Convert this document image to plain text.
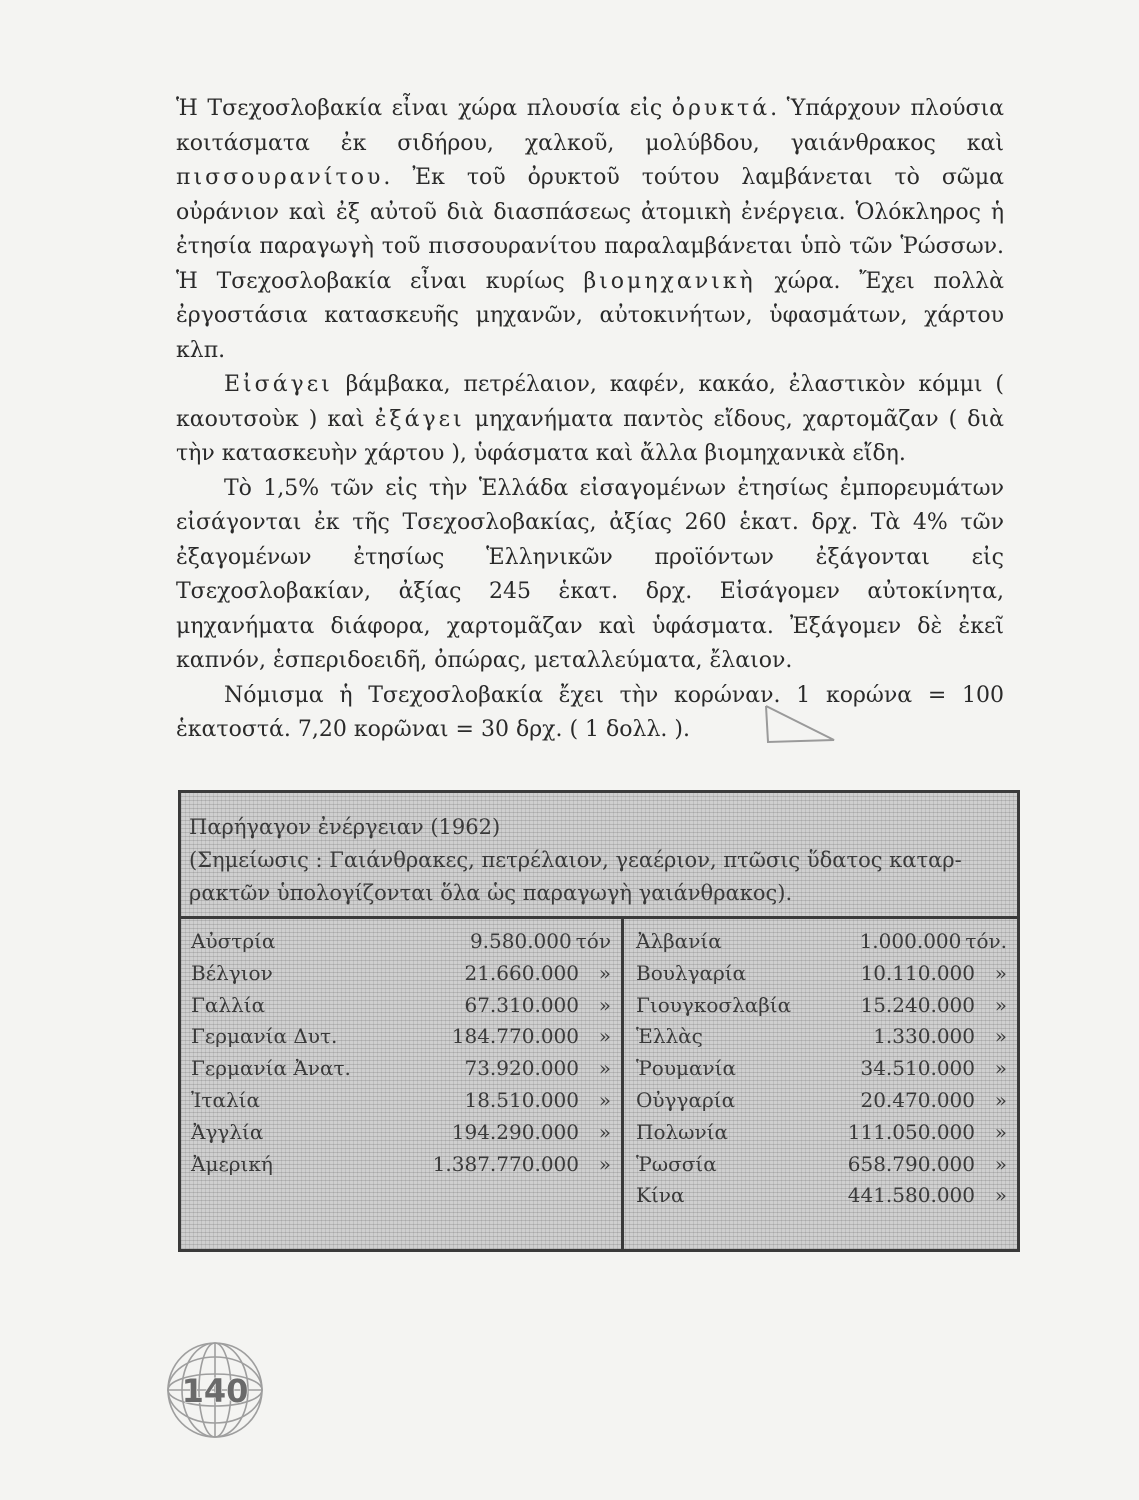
Ἡ Τσεχοσλοβακία εἶναι χώρα πλουσία εἰς ὀρυκτά. Ὑπάρχουν πλούσια κοιτάσματα ἐκ σιδήρου, χαλκοῦ, μολύβδου, γαιάνθρακος καὶ πισσουρανίτου. Ἐκ τοῦ ὀρυκτοῦ τούτου λαμβάνεται τὸ σῶμα οὐράνιον καὶ ἐξ αὐτοῦ διὰ διασπάσεως ἀτομικὴ ἐνέργεια. Ὁλόκληρος ἡ ἐτησία παραγωγὴ τοῦ πισσουρανίτου παραλαμβάνεται ὑπὸ τῶν Ῥώσσων. Ἡ Τσεχοσλοβακία εἶναι κυρίως βιομηχανικὴ χώρα. Ἔχει πολλὰ ἐργοστάσια κατασκευῆς μηχανῶν, αὐτοκινήτων, ὑφασμάτων, χάρτου κλπ.

Εἰσάγει βάμβακα, πετρέλαιον, καφέν, κακάο, ἐλαστικὸν κόμμι ( καουτσοὺκ ) καὶ ἐξάγει μηχανήματα παντὸς εἴδους, χαρτομᾶζαν ( διὰ τὴν κατασκευὴν χάρτου ), ὑφάσματα καὶ ἄλλα βιομηχανικὰ εἴδη.

Τὸ 1,5% τῶν εἰς τὴν Ἑλλάδα εἰσαγομένων ἐτησίως ἐμπορευμάτων εἰσάγονται ἐκ τῆς Τσεχοσλοβακίας, ἀξίας 260 ἑκατ. δρχ. Τὰ 4% τῶν ἐξαγομένων ἐτησίως Ἑλληνικῶν προϊόντων ἐξάγονται εἰς Τσεχοσλοβακίαν, ἀξίας 245 ἑκατ. δρχ. Εἰσάγομεν αὐτοκίνητα, μηχανήματα διάφορα, χαρτομᾶζαν καὶ ὑφάσματα. Ἐξάγομεν δὲ ἐκεῖ καπνόν, ἑσπεριδοειδῆ, ὀπώρας, μεταλλεύματα, ἔλαιον.

Νόμισμα ἡ Τσεχοσλοβακία ἔχει τὴν κορώναν. 1 κορώνα = 100 ἑκατοστά. 7,20 κορῶναι = 30 δρχ. ( 1 δολλ. ).

Παρήγαγον ἐνέργειαν (1962)
(Σημείωσις : Γαιάνθρακες, πετρέλαιον, γεαέριον, πτῶσις ὕδατος καταρ-
ρακτῶν ὑπολογίζονται ὅλα ὡς παραγωγὴ γαιάνθρακος).
Αὐστρία	9.580.000 τόν
Βέλγιον	21.660.000 »
Γαλλία	67.310.000 »
Γερμανία Δυτ.	184.770.000 »
Γερμανία Ἀνατ.	73.920.000 »
Ἰταλία	18.510.000 »
Ἀγγλία	194.290.000 »
Ἀμερική	1.387.770.000 »
Ἀλβανία	1.000.000 τόν.
Βουλγαρία	10.110.000 »
Γιουγκοσλαβία	15.240.000 »
Ἑλλὰς	1.330.000 »
Ῥουμανία	34.510.000 »
Οὐγγαρία	20.470.000 »
Πολωνία	111.050.000 »
Ῥωσσία	658.790.000 »
Κίνα	441.580.000 »
140
